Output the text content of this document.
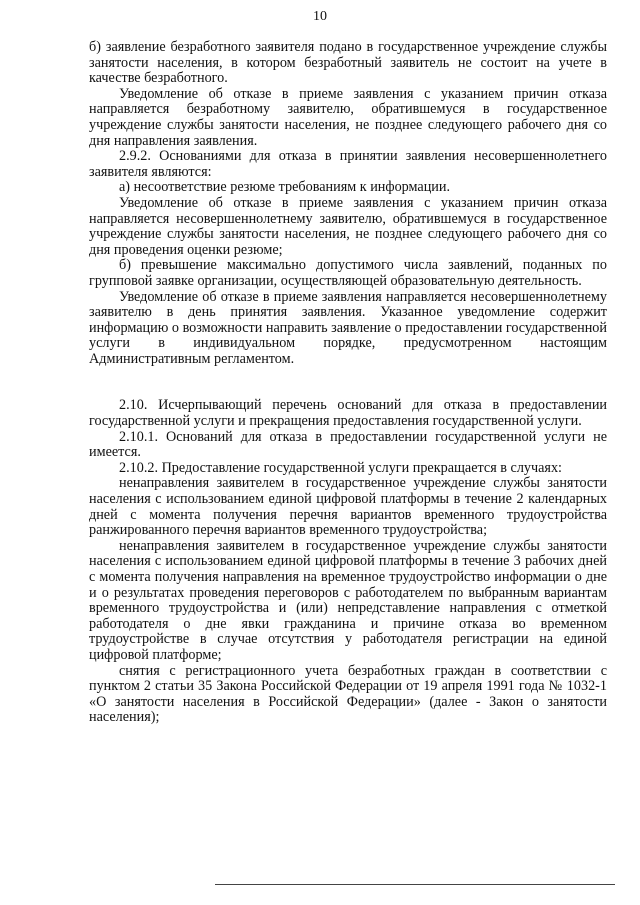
10

б) заявление безработного заявителя подано в государственное учреждение службы занятости населения, в котором безработный заявитель не состоит на учете в качестве безработного.

Уведомление об отказе в приеме заявления с указанием причин отказа направляется безработному заявителю, обратившемуся в государственное учреждение службы занятости населения, не позднее следующего рабочего дня со дня направления заявления.

2.9.2. Основаниями для отказа в принятии заявления несовершеннолетнего заявителя являются:

а) несоответствие резюме требованиям к информации.

Уведомление об отказе в приеме заявления с указанием причин отказа направляется несовершеннолетнему заявителю, обратившемуся в государственное учреждение службы занятости населения, не позднее следующего рабочего дня со дня проведения оценки резюме;

б) превышение максимально допустимого числа заявлений, поданных по групповой заявке организации, осуществляющей образовательную деятельность.

Уведомление об отказе в приеме заявления направляется несовершеннолетнему заявителю в день принятия заявления. Указанное уведомление содержит информацию о возможности направить заявление о предоставлении государственной услуги в индивидуальном порядке, предусмотренном настоящим Административным регламентом.

2.10. Исчерпывающий перечень оснований для отказа в предоставлении государственной услуги и прекращения предоставления государственной услуги.

2.10.1. Оснований для отказа в предоставлении государственной услуги не имеется.

2.10.2. Предоставление государственной услуги прекращается в случаях:

ненаправления заявителем в государственное учреждение службы занятости населения с использованием единой цифровой платформы в течение 2 календарных дней с момента получения перечня вариантов временного трудоустройства ранжированного перечня вариантов временного трудоустройства;

ненаправления заявителем в государственное учреждение службы занятости населения с использованием единой цифровой платформы в течение 3 рабочих дней с момента получения направления на временное трудоустройство информации о дне и о результатах проведения переговоров с работодателем по выбранным вариантам временного трудоустройства и (или) непредставление направления с отметкой работодателя о дне явки гражданина и причине отказа во временном трудоустройстве в случае отсутствия у работодателя регистрации на единой цифровой платформе;

снятия с регистрационного учета безработных граждан в соответствии с пунктом 2 статьи 35 Закона Российской Федерации от 19 апреля 1991 года № 1032-1 «О занятости населения в Российской Федерации» (далее - Закон о занятости населения);
